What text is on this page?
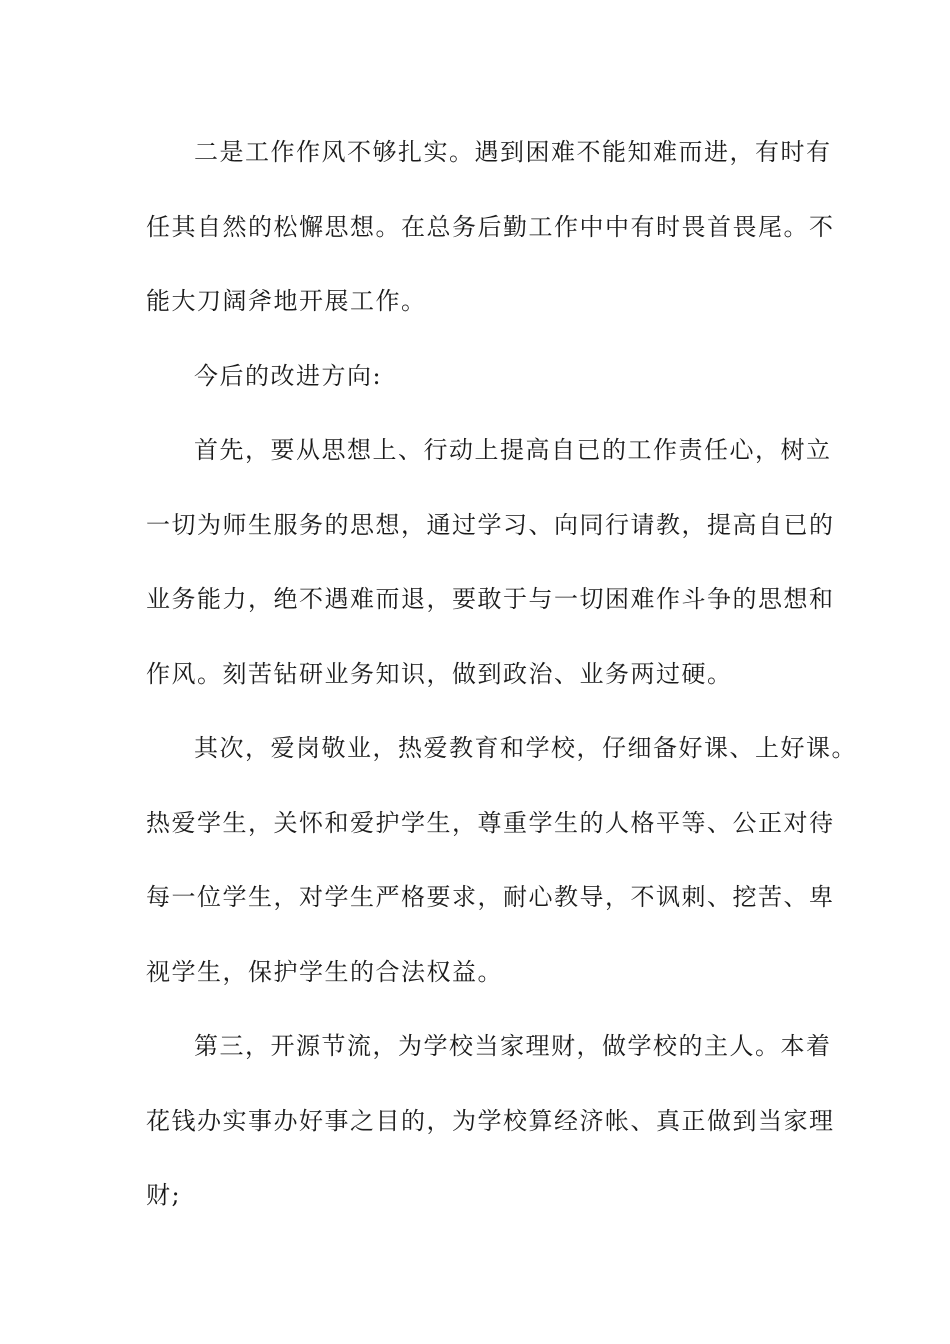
二是工作作风不够扎实。遇到困难不能知难而进，有时有
任其自然的松懈思想。在总务后勤工作中中有时畏首畏尾。不
能大刀阔斧地开展工作。
今后的改进方向:
首先，要从思想上、行动上提高自已的工作责任心，树立
一切为师生服务的思想，通过学习、向同行请教，提高自已的
业务能力，绝不遇难而退，要敢于与一切困难作斗争的思想和
作风。刻苦钻研业务知识，做到政治、业务两过硬。
其次，爱岗敬业，热爱教育和学校，仔细备好课、上好课。
热爱学生，关怀和爱护学生，尊重学生的人格平等、公正对待
每一位学生，对学生严格要求，耐心教导，不讽刺、挖苦、卑
视学生，保护学生的合法权益。
第三，开源节流，为学校当家理财，做学校的主人。本着
花钱办实事办好事之目的，为学校算经济帐、真正做到当家理
财;
